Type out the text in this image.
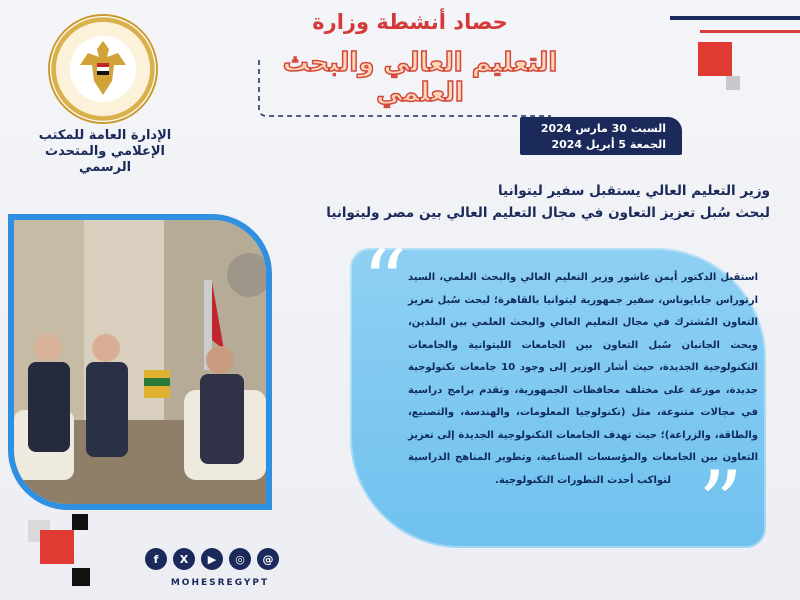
الإدارة العامة للمكتب الإعلامي والمتحدث الرسمي
حصاد أنشطة وزارة
التعليم العالي والبحث العلمي
السبت 30 مارس 2024
الجمعة 5 أبريل 2024
وزير التعليم العالي يستقبل سفير ليتوانيا
لبحث سُبل تعزيز التعاون في مجال التعليم العالي بين مصر وليتوانيا
“
”
استقبل الدكتور أيمن عاشور وزير التعليم العالي والبحث العلمي، السيد ارتوراس جابايوناس، سفير جمهورية ليتوانيا بالقاهرة؛ لبحث سُبل تعزيز التعاون المُشترك في مجال التعليم العالي والبحث العلمي بين البلدين، وبحث الجانبان سُبل التعاون بين الجامعات الليتوانية والجامعات التكنولوجية الجديدة، حيث أشار الوزير إلى وجود 10 جامعات تكنولوجية جديدة، موزعة على مختلف محافظات الجمهورية، وتقدم برامج دراسية في مجالات متنوعة، مثل (تكنولوجيا المعلومات، والهندسة، والتصنيع، والطاقة، والزراعة)؛ حيث تهدف الجامعات التكنولوجية الجديدة إلى تعزيز التعاون بين الجامعات والمؤسسات الصناعية، وتطوير المناهج الدراسية لتواكب أحدث التطورات التكنولوجية.
f	X	▶	◎	@
MOHESREGYPT
